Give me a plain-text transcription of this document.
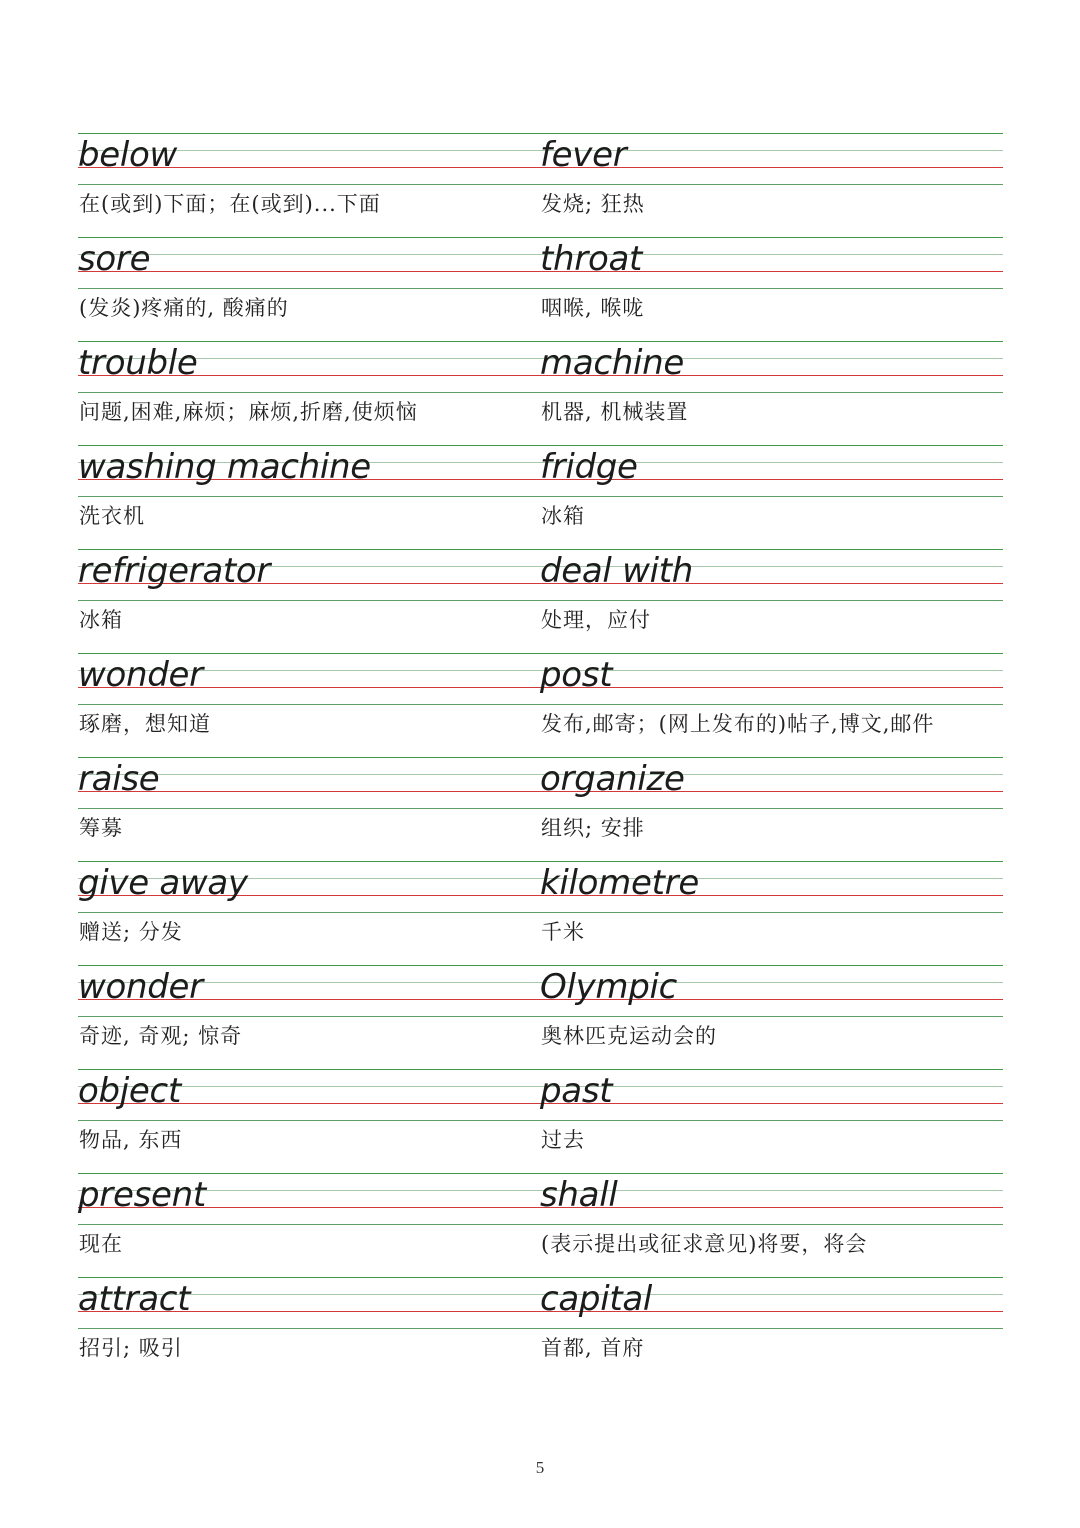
below
在(或到)下面；在(或到)...下面
fever
发烧; 狂热
sore
(发炎)疼痛的, 酸痛的
throat
咽喉, 喉咙
trouble
问题,困难,麻烦；麻烦,折磨,使烦恼
machine
机器, 机械装置
washing machine
洗衣机
fridge
冰箱
refrigerator
冰箱
deal with
处理，应付
wonder
琢磨，想知道
post
发布,邮寄；(网上发布的)帖子,博文,邮件
raise
筹募
organize
组织; 安排
give away
赠送; 分发
kilometre
千米
wonder
奇迹, 奇观; 惊奇
Olympic
奥林匹克运动会的
object
物品, 东西
past
过去
present
现在
shall
(表示提出或征求意见)将要，将会
attract
招引; 吸引
capital
首都, 首府
5
